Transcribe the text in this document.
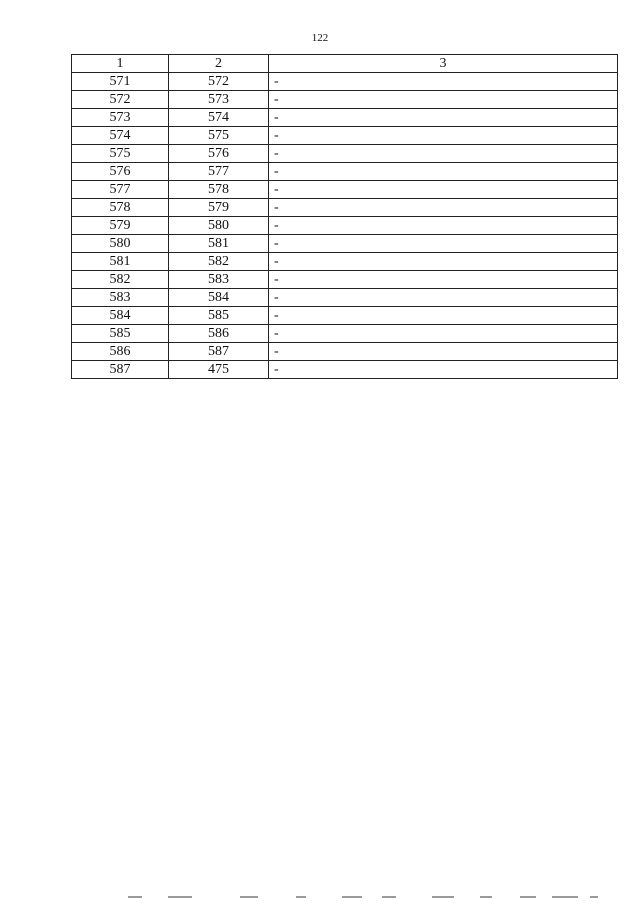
122
1	2	3
571	572	-
572	573	-
573	574	-
574	575	-
575	576	-
576	577	-
577	578	-
578	579	-
579	580	-
580	581	-
581	582	-
582	583	-
583	584	-
584	585	-
585	586	-
586	587	-
587	475	-
